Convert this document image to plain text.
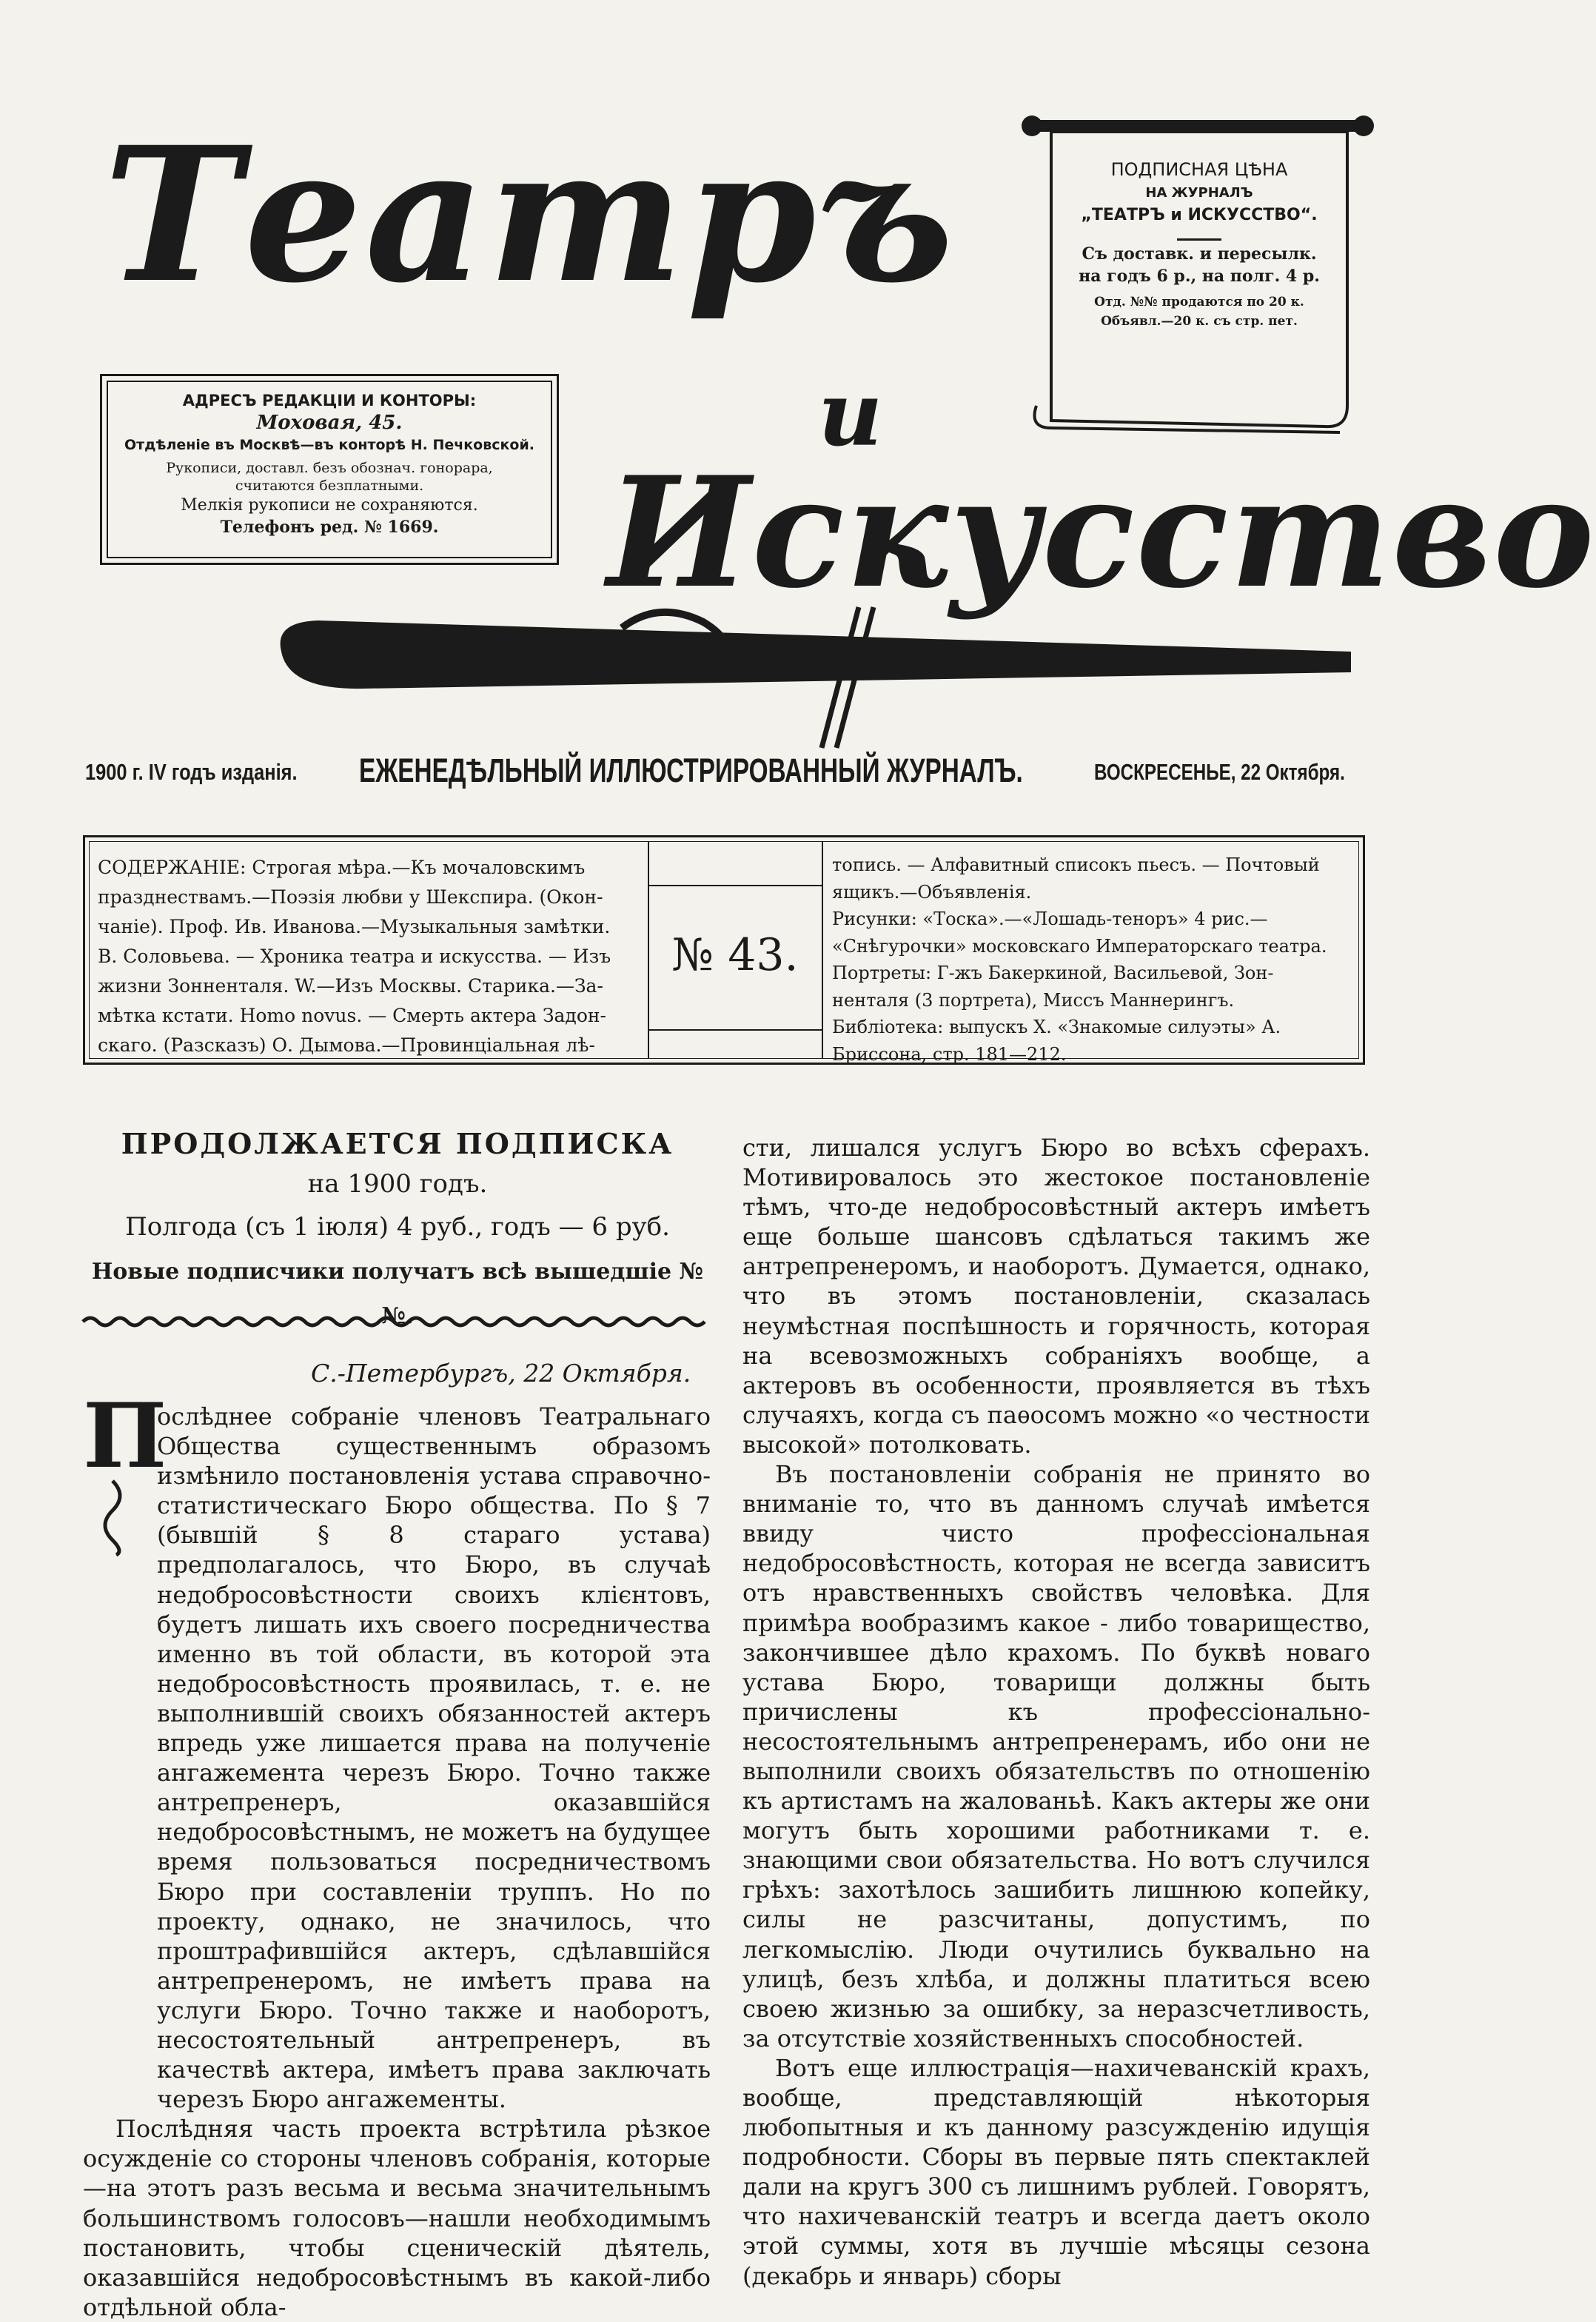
Театръ
и
Искусство
АДРЕСЪ РЕДАКЦІИ И КОНТОРЫ:
Моховая, 45.
Отдѣленіе въ Москвѣ—въ конторѣ Н. Печковской.
Рукописи, доставл. безъ обознач. гонорара,
считаются безплатными.
Мелкія рукописи не сохраняются.
Телефонъ ред. № 1669.
ПОДПИСНАЯ ЦѢНА
НА ЖУРНАЛЪ
„ТЕАТРЪ и ИСКУССТВО“.
Съ доставк. и пересылк.
на годъ 6 р., на полг. 4 р.
Отд. №№ продаются по 20 к.
Объявл.—20 к. съ стр. пет.
1900 г. IV годъ изданія. ЕЖЕНЕДѢЛЬНЫЙ ИЛЛЮСТРИРОВАННЫЙ ЖУРНАЛЪ.	ВОСКРЕСЕНЬЕ, 22 Октября.
№ 43.
СОДЕРЖАНІЕ: Строгая мѣра.—Къ мочаловскимъ
празднествамъ.—Поэзія любви у Шекспира. (Окон-
чаніе). Проф. Ив. Иванова.—Музыкальныя замѣтки.
В. Соловьева. — Хроника театра и искусства. — Изъ
жизни Зонненталя. W.—Изъ Москвы. Старика.—За-
мѣтка кстати. Homo novus. — Смерть актера Задон-
скаго. (Разсказъ) О. Дымова.—Провинціальная лѣ-
топись. — Алфавитный списокъ пьесъ. — Почтовый
ящикъ.—Объявленія.
Рисунки: «Тоска».—«Лошадь-теноръ» 4 рис.—
«Снѣгурочки» московскаго Императорскаго театра.
Портреты: Г-жъ Бакеркиной, Васильевой, Зон-
ненталя (3 портрета), Миссъ Маннерингъ.
Библіотека: выпускъ X. «Знакомые силуэты» А.
Бриссона, стр. 181—212.
ПРОДОЛЖАЕТСЯ ПОДПИСКА
на 1900 годъ.
Полгода (съ 1 іюля) 4 руб., годъ — 6 руб.
Новые подписчики получатъ всѣ вышедшіе №№.
С.-Петербургъ, 22 Октября.
П

ослѣднее собраніе членовъ Театральнаго Общества существеннымъ образомъ измѣнило постановленія устава справочно-статистическаго Бюро общества. По § 7 (бывшій § 8 стараго устава) предполагалось, что Бюро, въ случаѣ недобросовѣстности своихъ клієнтовъ, будетъ лишать ихъ своего посредничества именно въ той области, въ которой эта недобросовѣстность проявилась, т. е. не выполнившій своихъ обязанностей актеръ впредь уже лишается права на полученіе ангажемента черезъ Бюро. Точно также антрепренеръ, оказавшійся недобросовѣстнымъ, не можетъ на будущее время пользоваться посредничествомъ Бюро при составленіи труппъ. Но по проекту, однако, не значилось, что проштрафившійся актеръ, сдѣлавшійся антрепренеромъ, не имѣетъ права на услуги Бюро. Точно также и наоборотъ, несостоятельный антрепренеръ, въ качествѣ актера, имѣетъ права заключать черезъ Бюро ангажементы.

Послѣдняя часть проекта встрѣтила рѣзкое осужденіе со стороны членовъ собранія, которые—на этотъ разъ весьма и весьма значительнымъ большинствомъ голосовъ—нашли необходимымъ постановить, чтобы сценическій дѣятель, оказавшійся недобросовѣстнымъ въ какой-либо отдѣльной обла-

сти, лишался услугъ Бюро во всѣхъ сферахъ. Мотивировалось это жестокое постановленіе тѣмъ, что-де недобросовѣстный актеръ имѣетъ еще больше шансовъ сдѣлаться такимъ же антрепренеромъ, и наоборотъ. Думается, однако, что въ этомъ постановленіи, сказалась неумѣстная поспѣшность и горячность, которая на всевозможныхъ собраніяхъ вообще, а актеровъ въ особенности, проявляется въ тѣхъ случаяхъ, когда съ паѳосомъ можно «о честности высокой» потолковать.

Въ постановленіи собранія не принято во вниманіе то, что въ данномъ случаѣ имѣется ввиду чисто профессіональная недобросовѣстность, которая не всегда зависитъ отъ нравственныхъ свойствъ человѣка. Для примѣра вообразимъ какое - либо товарищество, закончившее дѣло крахомъ. По буквѣ новаго устава Бюро, товарищи должны быть причислены къ профессіонально-несостоятельнымъ антрепренерамъ, ибо они не выполнили своихъ обязательствъ по отношенію къ артистамъ на жалованьѣ. Какъ актеры же они могутъ быть хорошими работниками т. е. знающими свои обязательства. Но вотъ случился грѣхъ: захотѣлось зашибить лишнюю копейку, силы не разсчитаны, допустимъ, по легкомыслію. Люди очутились буквально на улицѣ, безъ хлѣба, и должны платиться всею своею жизнью за ошибку, за неразсчетливость, за отсутствіе хозяйственныхъ способностей.

Вотъ еще иллюстрація—нахичеванскій крахъ, вообще, представляющій нѣкоторыя любопытныя и къ данному разсужденію идущія подробности. Сборы въ первые пять спектаклей дали на кругъ 300 съ лишнимъ рублей. Говорятъ, что нахичеванскій театръ и всегда даетъ около этой суммы, хотя въ лучшіе мѣсяцы сезона (декабрь и январь) сборы
